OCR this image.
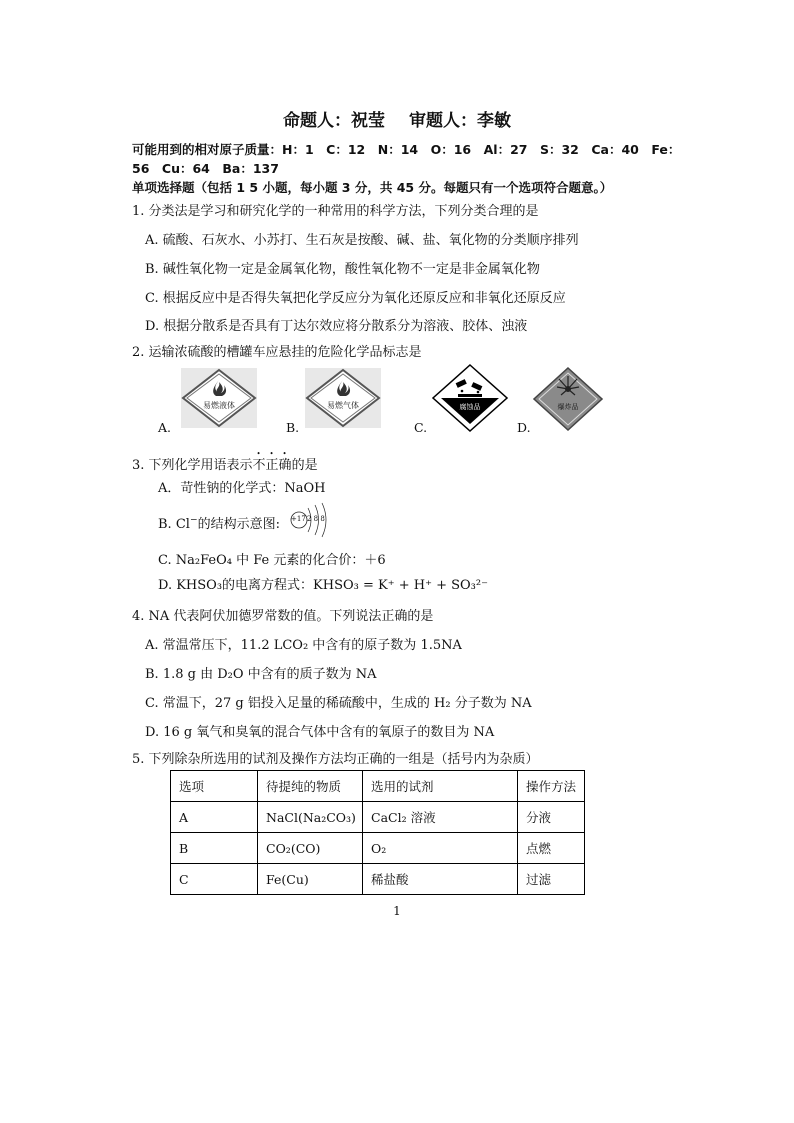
命题人：祝莹 审题人：李敏
可能用到的相对原子质量：H：1　C：12　N：14　O：16　Al：27　S：32　Ca：40　Fe：
56　Cu：64　Ba：137
单项选择题（包括 1 5 小题，每小题 3 分，共 45 分。每题只有一个选项符合题意。）
1. 分类法是学习和研究化学的一种常用的科学方法，下列分类合理的是
A. 硫酸、石灰水、小苏打、生石灰是按酸、碱、盐、氧化物的分类顺序排列
B. 碱性氧化物一定是金属氧化物，酸性氧化物不一定是非金属氧化物
C. 根据反应中是否得失氧把化学反应分为氧化还原反应和非氧化还原反应
D. 根据分散系是否具有丁达尔效应将分散系分为溶液、胶体、浊液
2. 运输浓硫酸的槽罐车应悬挂的危险化学品标志是
易燃液体
A.
易燃气体
B.
腐蚀品
C.
爆炸品
D.
3. 下列化学用语表示不正确的是
A．苛性钠的化学式：NaOH
B. Cl−的结构示意图: +17 2 8 8
C. Na₂FeO₄ 中 Fe 元素的化合价：＋6
D. KHSO₃的电离方程式：KHSO₃ = K⁺ + H⁺ + SO₃²⁻
4. NA 代表阿伏加德罗常数的值。下列说法正确的是
A. 常温常压下，11.2 LCO₂ 中含有的原子数为 1.5NA
B. 1.8 g 由 D₂O 中含有的质子数为 NA
C. 常温下，27 g 铝投入足量的稀硫酸中，生成的 H₂ 分子数为 NA
D. 16 g 氧气和臭氧的混合气体中含有的氧原子的数目为 NA
5. 下列除杂所选用的试剂及操作方法均正确的一组是（括号内为杂质）
选项	待提纯的物质	选用的试剂	操作方法
A	NaCl(Na₂CO₃)	CaCl₂ 溶液	分液
B	CO₂(CO)	O₂	点燃
C	Fe(Cu)	稀盐酸	过滤
1
